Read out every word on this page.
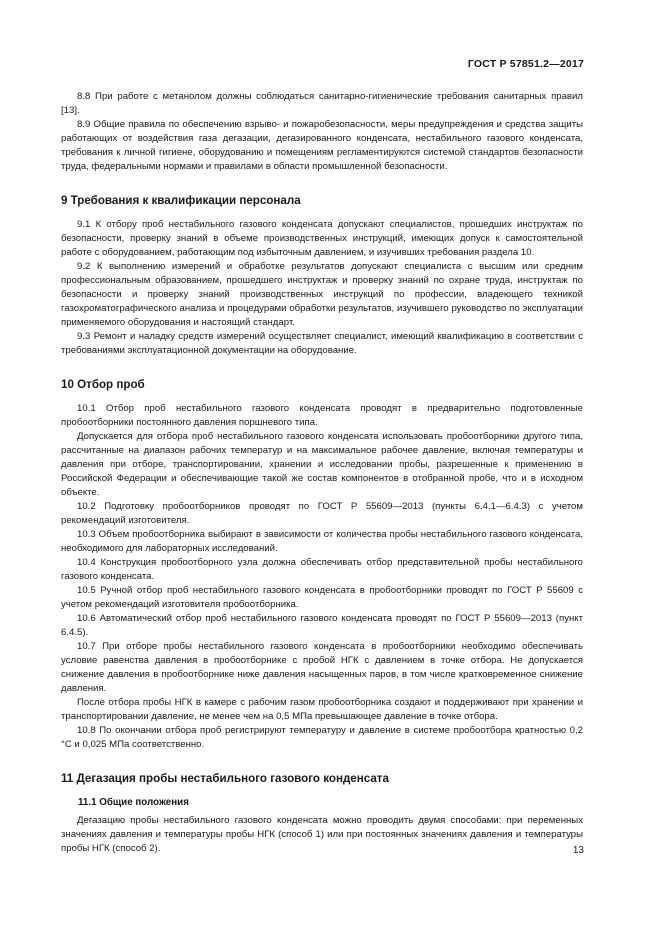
ГОСТ Р 57851.2—2017

8.8 При работе с метанолом должны соблюдаться санитарно-гигиенические требования санитарных правил [13].

8.9 Общие правила по обеспечению взрыво- и пожаробезопасности, меры предупреждения и средства защиты работающих от воздействия газа дегазации, дегазированного конденсата, нестабильного газового конденсата, требования к личной гигиене, оборудованию и помещениям регламентируются системой стандартов безопасности труда, федеральными нормами и правилами в области промышленной безопасности.

9 Требования к квалификации персонала

9.1 К отбору проб нестабильного газового конденсата допускают специалистов, прошедших инструктаж по безопасности, проверку знаний в объеме производственных инструкций, имеющих допуск к самостоятельной работе с оборудованием, работающим под избыточным давлением, и изучивших требования раздела 10.

9.2 К выполнению измерений и обработке результатов допускают специалиста с высшим или средним профессиональным образованием, прошедшего инструктаж и проверку знаний по охране труда, инструктаж по безопасности и проверку знаний производственных инструкций по профессии, владеющего техникой газохроматографического анализа и процедурами обработки результатов, изучившего руководство по эксплуатации применяемого оборудования и настоящий стандарт.

9.3 Ремонт и наладку средств измерений осуществляет специалист, имеющий квалификацию в соответствии с требованиями эксплуатационной документации на оборудование.

10 Отбор проб

10.1 Отбор проб нестабильного газового конденсата проводят в предварительно подготовленные пробоотборники постоянного давления поршневого типа.

Допускается для отбора проб нестабильного газового конденсата использовать пробоотборники другого типа, рассчитанные на диапазон рабочих температур и на максимальное рабочее давление, включая температуры и давления при отборе, транспортировании, хранении и исследовании пробы, разрешенные к применению в Российской Федерации и обеспечивающие такой же состав компонентов в отобранной пробе, что и в исходном объекте.

10.2 Подготовку пробоотборников проводят по ГОСТ Р 55609—2013 (пункты 6.4.1—6.4.3) с учетом рекомендаций изготовителя.

10.3 Объем пробоотборника выбирают в зависимости от количества пробы нестабильного газового конденсата, необходимого для лабораторных исследований.

10.4 Конструкция пробоотборного узла должна обеспечивать отбор представительной пробы нестабильного газового конденсата.

10.5 Ручной отбор проб нестабильного газового конденсата в пробоотборники проводят по ГОСТ Р 55609 с учетом рекомендаций изготовителя пробоотборника.

10.6 Автоматический отбор проб нестабильного газового конденсата проводят по ГОСТ Р 55609—2013 (пункт 6.4.5).

10.7 При отборе пробы нестабильного газового конденсата в пробоотборники необходимо обеспечивать условие равенства давления в пробоотборнике с пробой НГК с давлением в точке отбора. Не допускается снижение давления в пробоотборнике ниже давления насыщенных паров, в том числе кратковременное снижение давления.

После отбора пробы НГК в камере с рабочим газом пробоотборника создают и поддерживают при хранении и транспортировании давление, не менее чем на 0,5 МПа превышающее давление в точке отбора.

10.8 По окончании отбора проб регистрируют температуру и давление в системе пробоотбора кратностью 0,2 °С и 0,025 МПа соответственно.

11 Дегазация пробы нестабильного газового конденсата
11.1 Общие положения

Дегазацию пробы нестабильного газового конденсата можно проводить двумя способами: при переменных значениях давления и температуры пробы НГК (способ 1) или при постоянных значениях давления и температуры пробы НГК (способ 2).	13
